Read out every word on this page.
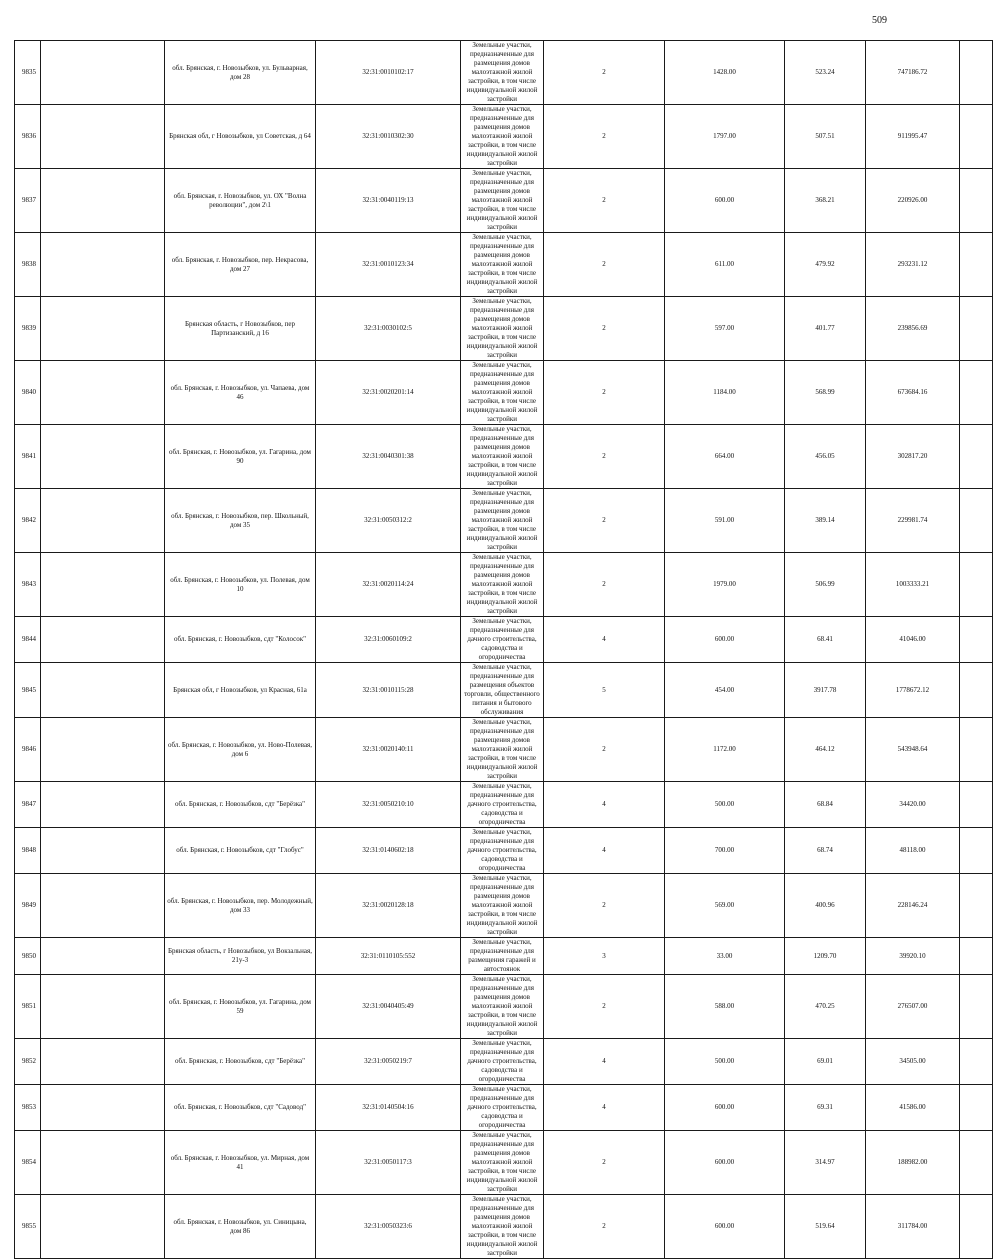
509
9835		обл. Брянская, г. Новозыбков, ул. Бульварная, дом 28	32:31:0010102:17	Земельные участки, предназначенные для размещения домов малоэтажной жилой застройки, в том числе индивидуальной жилой застройки	2	1428.00	523.24	747186.72	
9836		Брянская обл, г Новозыбков, ул Советская, д 64	32:31:0010302:30	Земельные участки, предназначенные для размещения домов малоэтажной жилой застройки, в том числе индивидуальной жилой застройки	2	1797.00	507.51	911995.47	
9837		обл. Брянская, г. Новозыбков, ул. ОХ "Волна революции", дом 2\1	32:31:0040119:13	Земельные участки, предназначенные для размещения домов малоэтажной жилой застройки, в том числе индивидуальной жилой застройки	2	600.00	368.21	220926.00	
9838		обл. Брянская, г. Новозыбков, пер. Некрасова, дом 27	32:31:0010123:34	Земельные участки, предназначенные для размещения домов малоэтажной жилой застройки, в том числе индивидуальной жилой застройки	2	611.00	479.92	293231.12	
9839		Брянская область, г Новозыбков, пер Партизанский, д 16	32:31:0030102:5	Земельные участки, предназначенные для размещения домов малоэтажной жилой застройки, в том числе индивидуальной жилой застройки	2	597.00	401.77	239856.69	
9840		обл. Брянская, г. Новозыбков, ул. Чапаева, дом 46	32:31:0020201:14	Земельные участки, предназначенные для размещения домов малоэтажной жилой застройки, в том числе индивидуальной жилой застройки	2	1184.00	568.99	673684.16	
9841		обл. Брянская, г. Новозыбков, ул. Гагарина, дом 90	32:31:0040301:38	Земельные участки, предназначенные для размещения домов малоэтажной жилой застройки, в том числе индивидуальной жилой застройки	2	664.00	456.05	302817.20	
9842		обл. Брянская, г. Новозыбков, пер. Школьный, дом 35	32:31:0050312:2	Земельные участки, предназначенные для размещения домов малоэтажной жилой застройки, в том числе индивидуальной жилой застройки	2	591.00	389.14	229981.74	
9843		обл. Брянская, г. Новозыбков, ул. Полевая, дом 10	32:31:0020114:24	Земельные участки, предназначенные для размещения домов малоэтажной жилой застройки, в том числе индивидуальной жилой застройки	2	1979.00	506.99	1003333.21	
9844		обл. Брянская, г. Новозыбков, сдт "Колосок"	32:31:0060109:2	Земельные участки, предназначенные для дачного строительства, садоводства и огородничества	4	600.00	68.41	41046.00	
9845		Брянская обл, г Новозыбков, ул Красная, 61а	32:31:0010115:28	Земельные участки, предназначенные для размещения объектов торговли, общественного питания и бытового обслуживания	5	454.00	3917.78	1778672.12	
9846		обл. Брянская, г. Новозыбков, ул. Ново-Полевая, дом 6	32:31:0020140:11	Земельные участки, предназначенные для размещения домов малоэтажной жилой застройки, в том числе индивидуальной жилой застройки	2	1172.00	464.12	543948.64	
9847		обл. Брянская, г. Новозыбков, сдт "Берёзка"	32:31:0050210:10	Земельные участки, предназначенные для дачного строительства, садоводства и огородничества	4	500.00	68.84	34420.00	
9848		обл. Брянская, г. Новозыбков, сдт "Глобус"	32:31:0140602:18	Земельные участки, предназначенные для дачного строительства, садоводства и огородничества	4	700.00	68.74	48118.00	
9849		обл. Брянская, г. Новозыбков, пер. Молодежный, дом 33	32:31:0020128:18	Земельные участки, предназначенные для размещения домов малоэтажной жилой застройки, в том числе индивидуальной жилой застройки	2	569.00	400.96	228146.24	
9850		Брянская область, г Новозыбков, ул Вокзальная, 21у-3	32:31:0110105:552	Земельные участки, предназначенные для размещения гаражей и автостоянок	3	33.00	1209.70	39920.10	
9851		обл. Брянская, г. Новозыбков, ул. Гагарина, дом 59	32:31:0040405:49	Земельные участки, предназначенные для размещения домов малоэтажной жилой застройки, в том числе индивидуальной жилой застройки	2	588.00	470.25	276507.00	
9852		обл. Брянская, г. Новозыбков, сдт "Берёзка"	32:31:0050219:7	Земельные участки, предназначенные для дачного строительства, садоводства и огородничества	4	500.00	69.01	34505.00	
9853		обл. Брянская, г. Новозыбков, сдт "Садовод"	32:31:0140504:16	Земельные участки, предназначенные для дачного строительства, садоводства и огородничества	4	600.00	69.31	41586.00	
9854		обл. Брянская, г. Новозыбков, ул. Мирная, дом 41	32:31:0050117:3	Земельные участки, предназначенные для размещения домов малоэтажной жилой застройки, в том числе индивидуальной жилой застройки	2	600.00	314.97	188982.00	
9855		обл. Брянская, г. Новозыбков, ул. Синицына, дом 86	32:31:0050323:6	Земельные участки, предназначенные для размещения домов малоэтажной жилой застройки, в том числе индивидуальной жилой застройки	2	600.00	519.64	311784.00	
